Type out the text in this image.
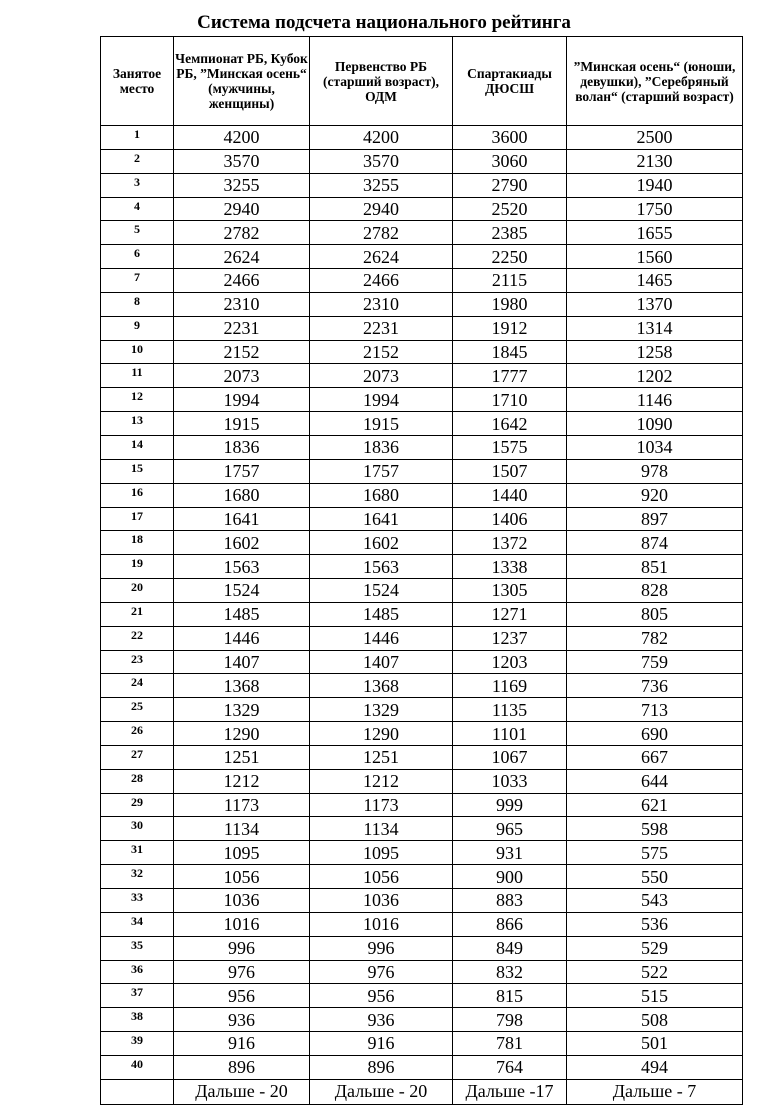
Система подсчета национального рейтинга
Занятое место	Чемпионат РБ, Кубок РБ, ”Минская осень“ (мужчины, женщины)	Первенство РБ (старший возраст), ОДМ	Спартакиады ДЮСШ	”Минская осень“ (юноши, девушки), ”Серебряный волан“ (старший возраст)
1	4200	4200	3600	2500
2	3570	3570	3060	2130
3	3255	3255	2790	1940
4	2940	2940	2520	1750
5	2782	2782	2385	1655
6	2624	2624	2250	1560
7	2466	2466	2115	1465
8	2310	2310	1980	1370
9	2231	2231	1912	1314
10	2152	2152	1845	1258
11	2073	2073	1777	1202
12	1994	1994	1710	1146
13	1915	1915	1642	1090
14	1836	1836	1575	1034
15	1757	1757	1507	978
16	1680	1680	1440	920
17	1641	1641	1406	897
18	1602	1602	1372	874
19	1563	1563	1338	851
20	1524	1524	1305	828
21	1485	1485	1271	805
22	1446	1446	1237	782
23	1407	1407	1203	759
24	1368	1368	1169	736
25	1329	1329	1135	713
26	1290	1290	1101	690
27	1251	1251	1067	667
28	1212	1212	1033	644
29	1173	1173	999	621
30	1134	1134	965	598
31	1095	1095	931	575
32	1056	1056	900	550
33	1036	1036	883	543
34	1016	1016	866	536
35	996	996	849	529
36	976	976	832	522
37	956	956	815	515
38	936	936	798	508
39	916	916	781	501
40	896	896	764	494
	Дальше - 20	Дальше - 20	Дальше -17	Дальше - 7
